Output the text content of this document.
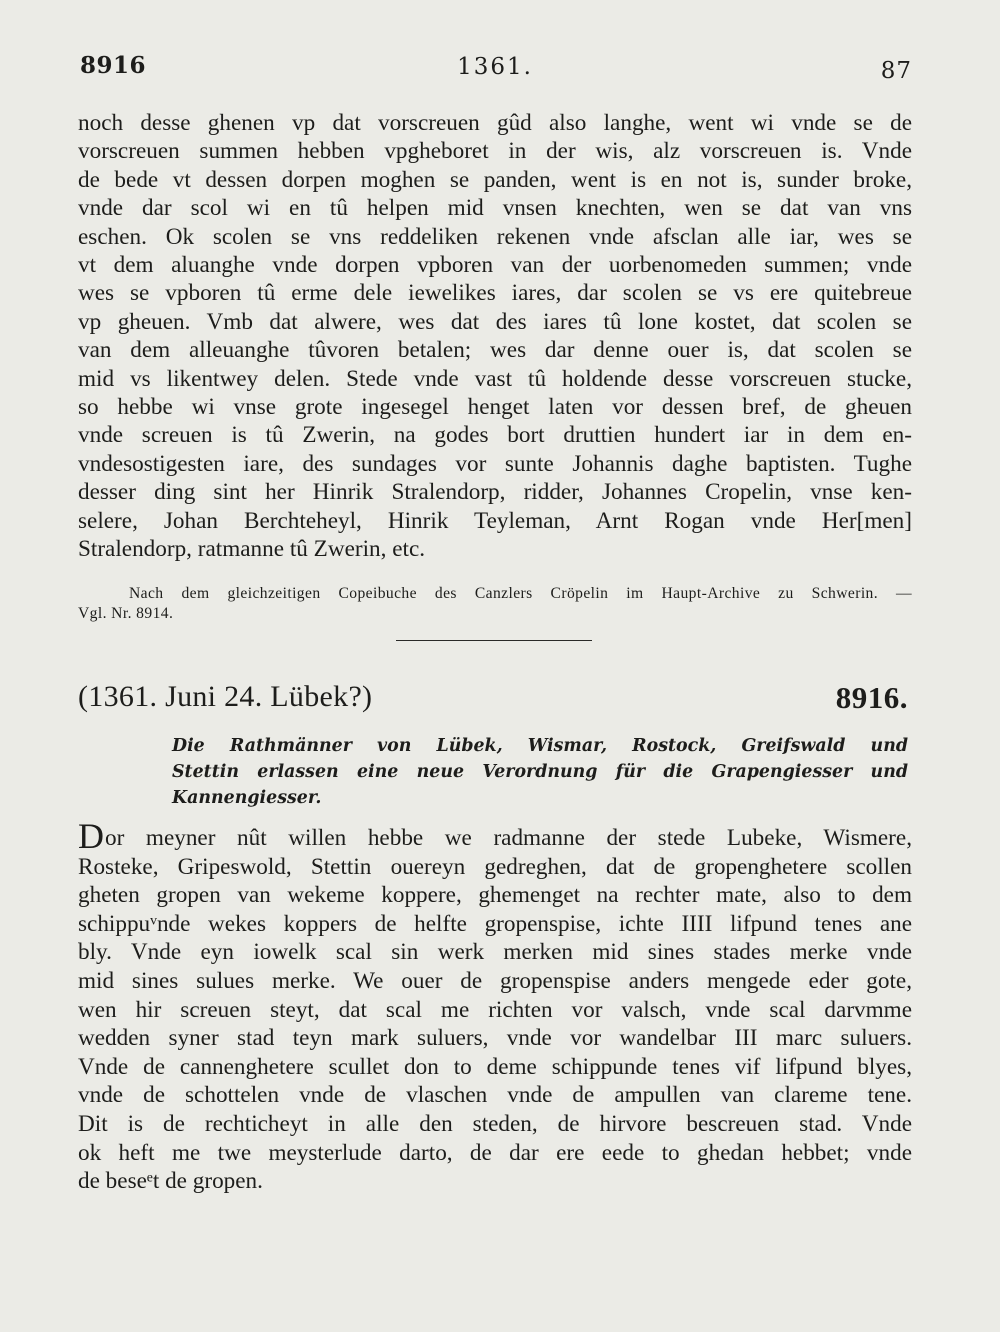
8916	1361.	87
noch desse ghenen vp dat vorscreuen gûd also langhe, went wi vnde se de
vorscreuen summen hebben vpgheboret in der wis, alz vorscreuen is. Vnde
de bede vt dessen dorpen moghen se panden, went is en not is, sunder broke,
vnde dar scol wi en tû helpen mid vnsen knechten, wen se dat van vns
eschen. Ok scolen se vns reddeliken rekenen vnde afsclan alle iar, wes se
vt dem aluanghe vnde dorpen vpboren van der uorbenomeden summen; vnde
wes se vpboren tû erme dele iewelikes iares, dar scolen se vs ere quitebreue
vp gheuen. Vmb dat alwere, wes dat des iares tû lone kostet, dat scolen se
van dem alleuanghe tûvoren betalen; wes dar denne ouer is, dat scolen se
mid vs likentwey delen. Stede vnde vast tû holdende desse vorscreuen stucke,
so hebbe wi vnse grote ingesegel henget laten vor dessen bref, de gheuen
vnde screuen is tû Zwerin, na godes bort druttien hundert iar in dem en-
vndesostigesten iare, des sundages vor sunte Johannis daghe baptisten. Tughe
desser ding sint her Hinrik Stralendorp, ridder, Johannes Cropelin, vnse ken-
selere, Johan Berchteheyl, Hinrik Teyleman, Arnt Rogan vnde Her[men]
Stralendorp, ratmanne tû Zwerin, etc.
Nach dem gleichzeitigen Copeibuche des Canzlers Cröpelin im Haupt-Archive zu Schwerin. —
Vgl. Nr. 8914.
(1361. Juni 24. Lübek?)	8916.
Die Rathmänner von Lübek, Wismar, Rostock, Greifswald und
Stettin erlassen eine neue Verordnung für die Grapengiesser und
Kannengiesser.
Dor meyner nût willen hebbe we radmanne der stede Lubeke, Wismere,
Rosteke, Gripeswold, Stettin ouereyn gedreghen, dat de gropenghetere scollen
gheten gropen van wekeme koppere, ghemenget na rechter mate, also to dem
schippuᵛnde wekes koppers de helfte gropenspise, ichte IIII lifpund tenes ane
bly. Vnde eyn iowelk scal sin werk merken mid sines stades merke vnde
mid sines sulues merke. We ouer de gropenspise anders mengede eder gote,
wen hir screuen steyt, dat scal me richten vor valsch, vnde scal darvmme
wedden syner stad teyn mark suluers, vnde vor wandelbar III marc suluers.
Vnde de cannenghetere scullet don to deme schippunde tenes vif lifpund blyes,
vnde de schottelen vnde de vlaschen vnde de ampullen van clareme tene.
Dit is de rechticheyt in alle den steden, de hirvore bescreuen stad. Vnde
ok heft me twe meysterlude darto, de dar ere eede to ghedan hebbet; vnde
de beseᵉt de gropen.
